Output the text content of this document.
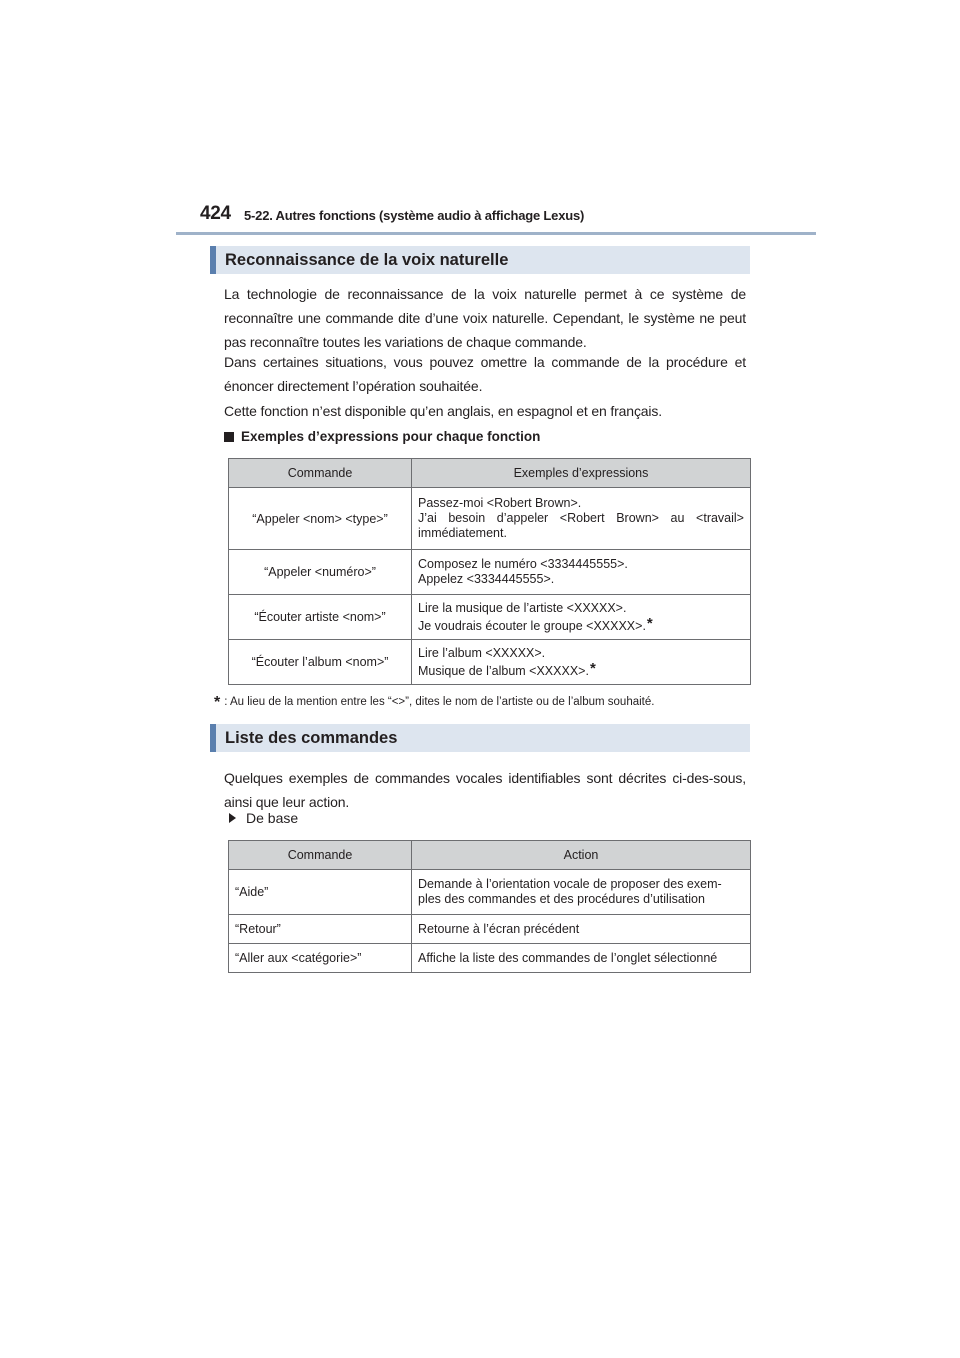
424 5-22. Autres fonctions (système audio à affichage Lexus)
Reconnaissance de la voix naturelle

La technologie de reconnaissance de la voix naturelle permet à ce système de reconnaître une commande dite d’une voix naturelle. Cependant, le système ne peut pas reconnaître toutes les variations de chaque commande.

Dans certaines situations, vous pouvez omettre la commande de la procédure et énoncer directement l’opération souhaitée.

Cette fonction n’est disponible qu’en anglais, en espagnol et en français.

Exemples d’expressions pour chaque fonction
Commande	Exemples d’expressions
“Appeler <nom> <type>”	Passez-moi <Robert Brown>.
J’ai besoin d’appeler <Robert Brown> au <travail>
immédiatement.

“Appeler <numéro>”	Composez le numéro <3334445555>.
Appelez <3334445555>.

“Écouter artiste <nom>”	Lire la musique de l’artiste <XXXXX>.
Je voudrais écouter le groupe <XXXXX>.*

“Écouter l’album <nom>”	Lire l’album <XXXXX>.
Musique de l’album <XXXXX>.*
* : Au lieu de la mention entre les “<>”, dites le nom de l’artiste ou de l’album souhaité.
Liste des commandes

Quelques exemples de commandes vocales identifiables sont décrites ci-des-sous, ainsi que leur action.

De base
Commande	Action
“Aide”	Demande à l’orientation vocale de proposer des exem-
ples des commandes et des procédures d’utilisation

“Retour”	Retourne à l’écran précédent

“Aller aux <catégorie>”	Affiche la liste des commandes de l’onglet sélectionné
